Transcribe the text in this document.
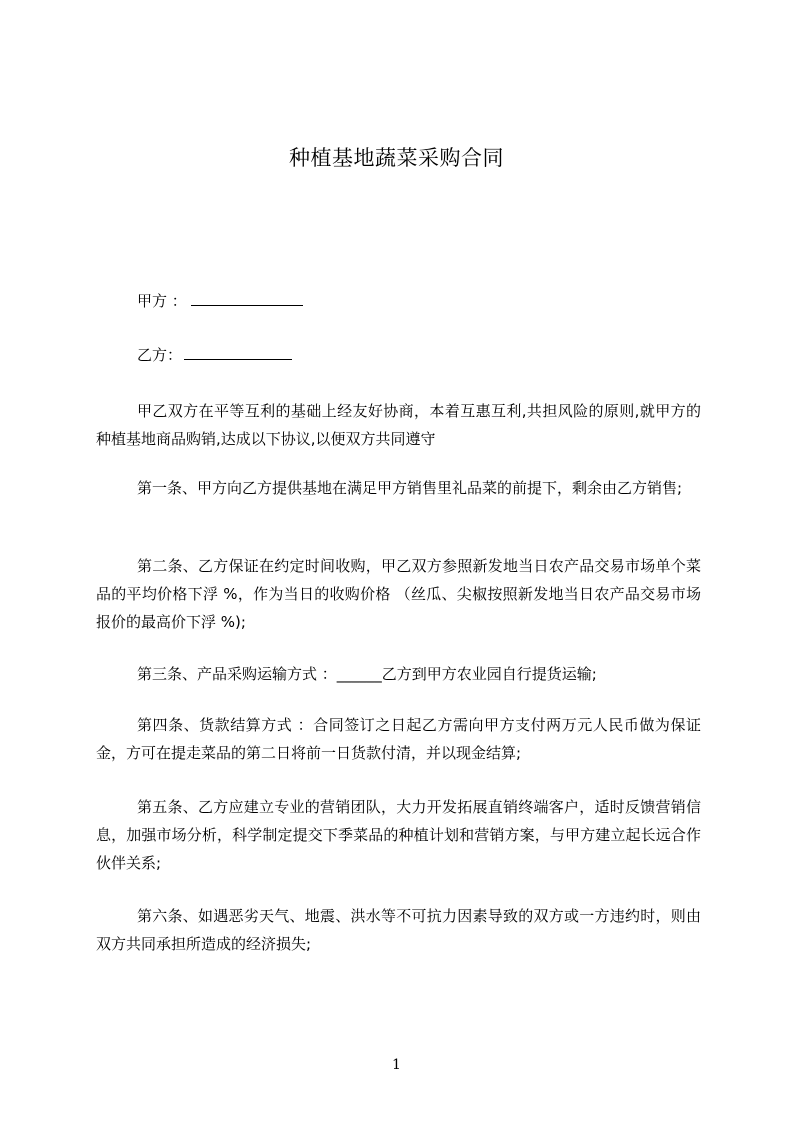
种植基地蔬菜采购合同
甲方 ：
乙方：

甲乙双方在平等互利的基础上经友好协商，本着互惠互利,共担风险的原则,就甲方的种植基地商品购销,达成以下协议,以便双方共同遵守

第一条、甲方向乙方提供基地在满足甲方销售里礼品菜的前提下，剩余由乙方销售;

第二条、乙方保证在约定时间收购，甲乙双方参照新发地当日农产品交易市场单个菜品的平均价格下浮 %，作为当日的收购价格 （丝瓜、尖椒按照新发地当日农产品交易市场报价的最高价下浮 %);

第三条、产品采购运输方式 ：______乙方到甲方农业园自行提货运输;

第四条、货款结算方式 ：合同签订之日起乙方需向甲方支付两万元人民币做为保证金，方可在提走菜品的第二日将前一日货款付清，并以现金结算;

第五条、乙方应建立专业的营销团队，大力开发拓展直销终端客户，适时反馈营销信息，加强市场分析，科学制定提交下季菜品的种植计划和营销方案，与甲方建立起长远合作伙伴关系;

第六条、如遇恶劣天气、地震、洪水等不可抗力因素导致的双方或一方违约时，则由双方共同承担所造成的经济损失;

1
